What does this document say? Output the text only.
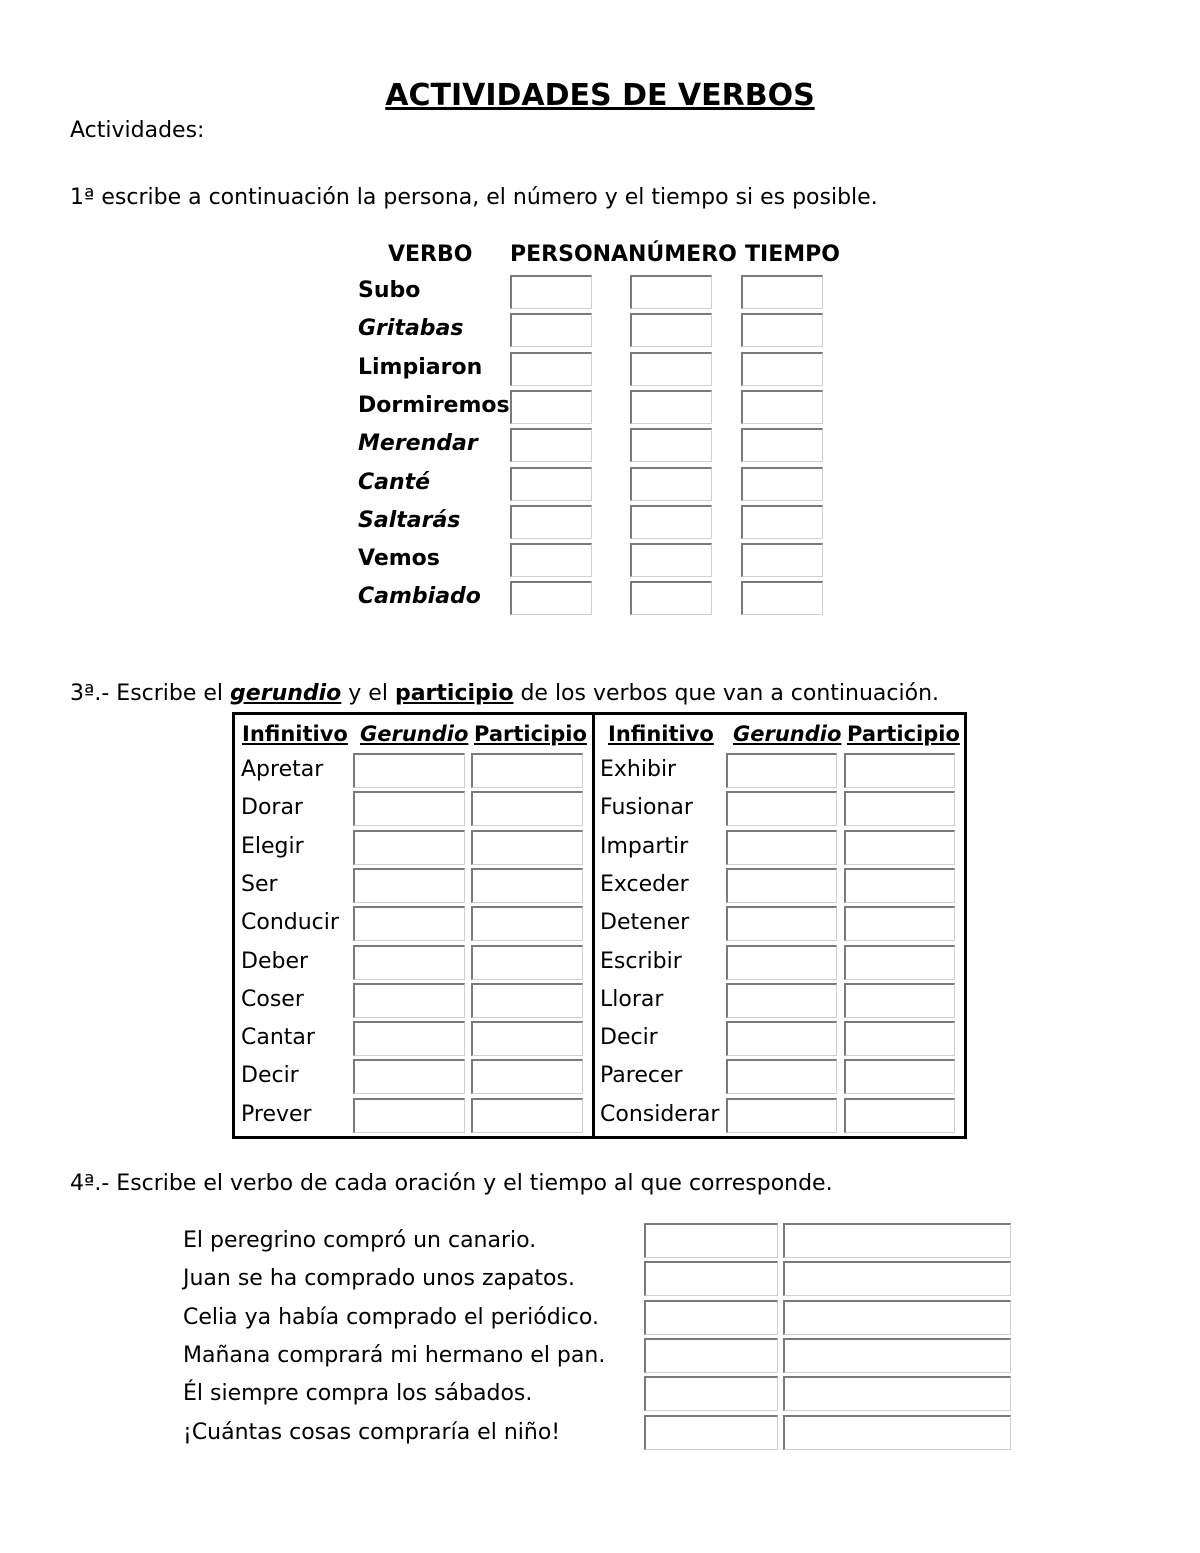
ACTIVIDADES DE VERBOS
Actividades:
1ª escribe a continuación la persona, el número y el tiempo si es posible.
VERBO PERSONA NÚMERO TIEMPO
Subo
Gritabas
Limpiaron
Dormiremos
Merendar
Canté
Saltarás
Vemos
Cambiado
3ª.- Escribe el gerundio y el participio de los verbos que van a continuación.
Infinitivo Gerundio Participio Infinitivo Gerundio Participio
Apretar
Dorar
Elegir
Ser
Conducir
Deber
Coser
Cantar
Decir
Prever
Exhibir
Fusionar
Impartir
Exceder
Detener
Escribir
Llorar
Decir
Parecer
Considerar
4ª.- Escribe el verbo de cada oración y el tiempo al que corresponde.
El peregrino compró un canario.
Juan se ha comprado unos zapatos.
Celia ya había comprado el periódico.
Mañana comprará mi hermano el pan.
Él siempre compra los sábados.
¡Cuántas cosas compraría el niño!
